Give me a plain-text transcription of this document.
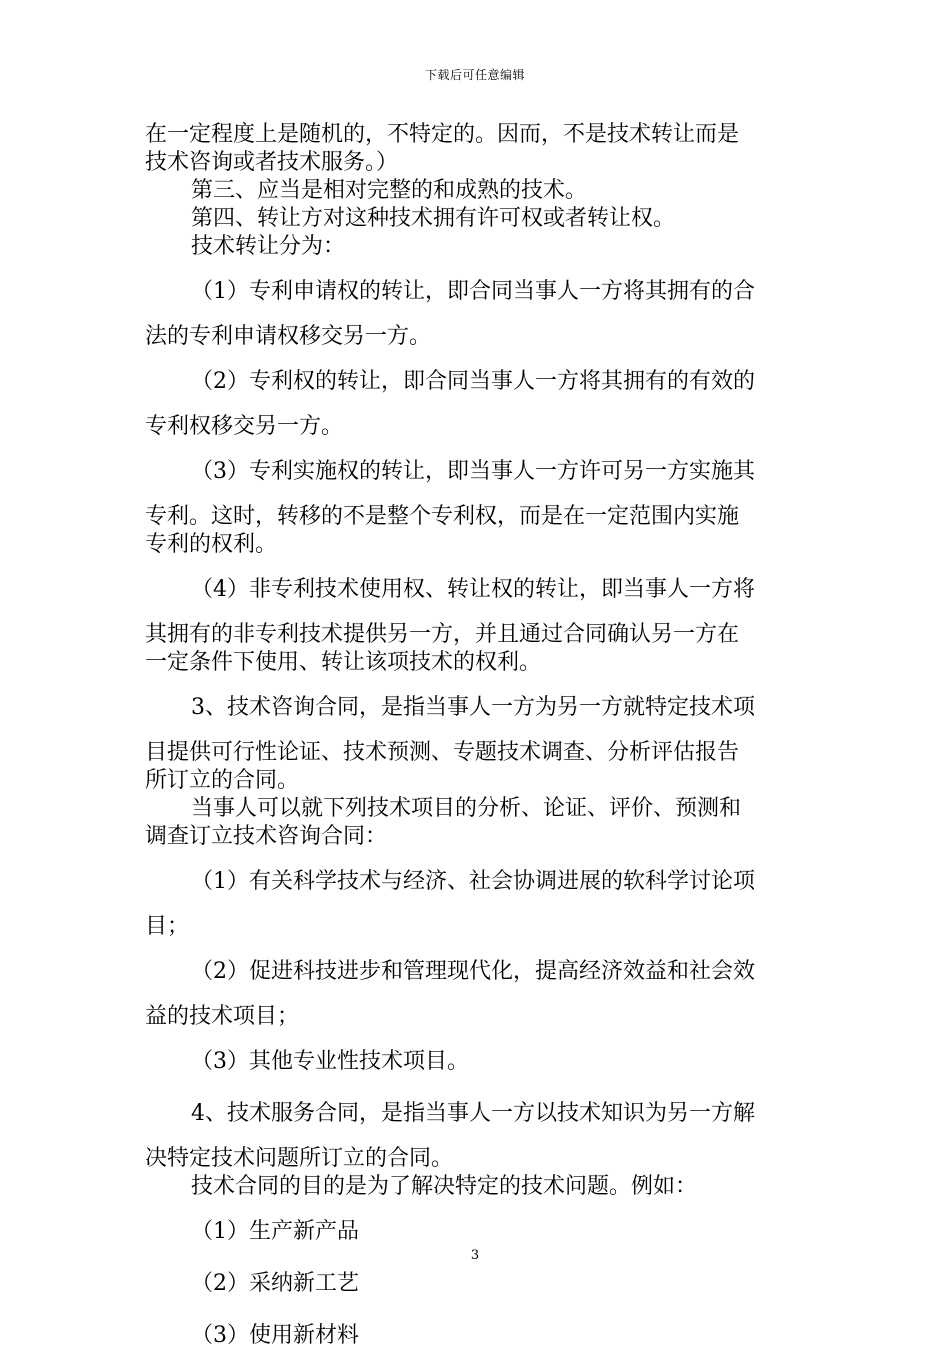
下载后可任意编辑
在一定程度上是随机的，不特定的。因而，不是技术转让而是
技术咨询或者技术服务。）
第三、应当是相对完整的和成熟的技术。
第四、转让方对这种技术拥有许可权或者转让权。
技术转让分为：
（1）专利申请权的转让，即合同当事人一方将其拥有的合
法的专利申请权移交另一方。
（2）专利权的转让，即合同当事人一方将其拥有的有效的
专利权移交另一方。
（3）专利实施权的转让，即当事人一方许可另一方实施其
专利。这时，转移的不是整个专利权，而是在一定范围内实施
专利的权利。
（4）非专利技术使用权、转让权的转让，即当事人一方将
其拥有的非专利技术提供另一方，并且通过合同确认另一方在
一定条件下使用、转让该项技术的权利。
3、技术咨询合同，是指当事人一方为另一方就特定技术项
目提供可行性论证、技术预测、专题技术调查、分析评估报告
所订立的合同。
当事人可以就下列技术项目的分析、论证、评价、预测和
调查订立技术咨询合同：
（1）有关科学技术与经济、社会协调进展的软科学讨论项
目；
（2）促进科技进步和管理现代化，提高经济效益和社会效
益的技术项目；
（3）其他专业性技术项目。
4、技术服务合同，是指当事人一方以技术知识为另一方解
决特定技术问题所订立的合同。
技术合同的目的是为了解决特定的技术问题。例如：
（1）生产新产品
（2）采纳新工艺
（3）使用新材料
3
